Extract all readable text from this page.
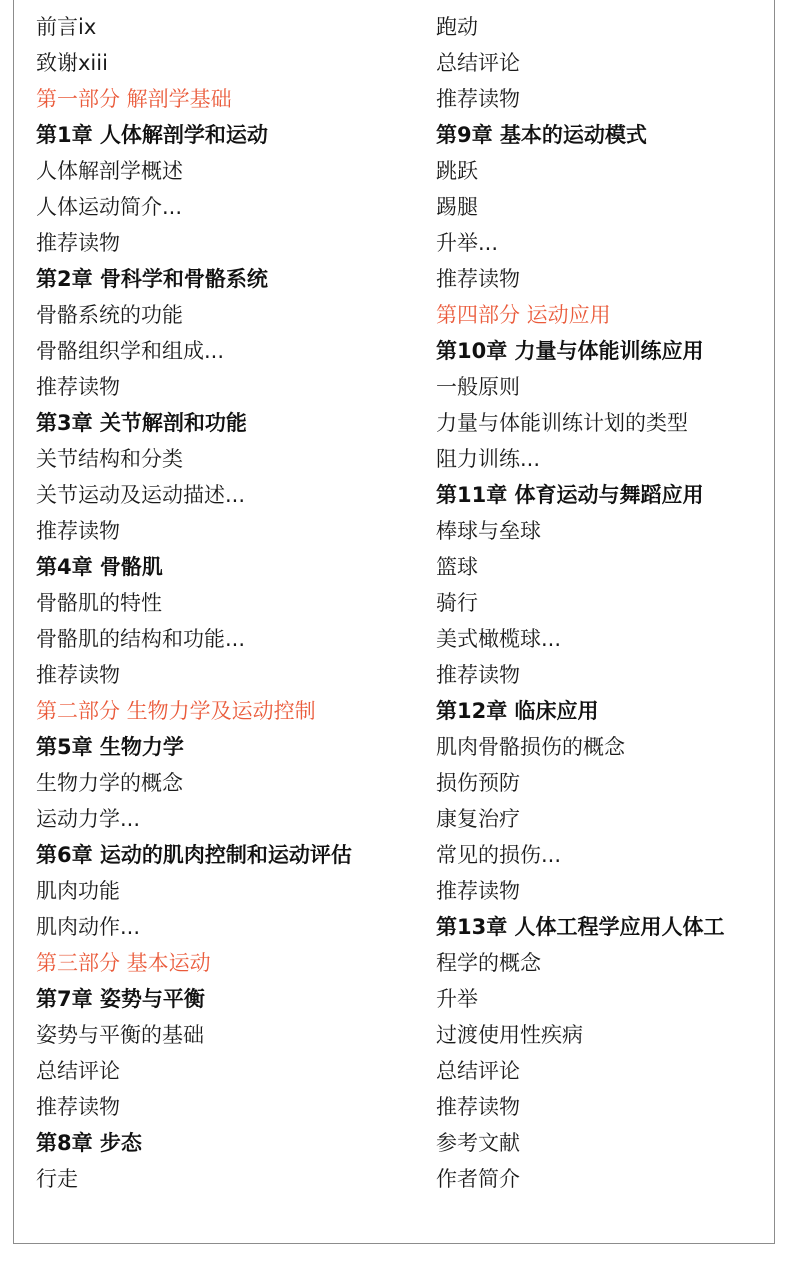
前言ix
致谢xiii
第一部分 解剖学基础
第1章 人体解剖学和运动
人体解剖学概述
人体运动简介...
推荐读物
第2章 骨科学和骨骼系统
骨骼系统的功能
骨骼组织学和组成...
推荐读物
第3章 关节解剖和功能
关节结构和分类
关节运动及运动描述...
推荐读物
第4章 骨骼肌
骨骼肌的特性
骨骼肌的结构和功能...
推荐读物
第二部分 生物力学及运动控制
第5章 生物力学
生物力学的概念
运动力学...
第6章 运动的肌肉控制和运动评估
肌肉功能
肌肉动作...
第三部分 基本运动
第7章 姿势与平衡
姿势与平衡的基础
总结评论
推荐读物
第8章 步态
行走
跑动
总结评论
推荐读物
第9章 基本的运动模式
跳跃
踢腿
升举...
推荐读物
第四部分 运动应用
第10章 力量与体能训练应用
一般原则
力量与体能训练计划的类型
阻力训练...
第11章 体育运动与舞蹈应用
棒球与垒球
篮球
骑行
美式橄榄球...
推荐读物
第12章 临床应用
肌肉骨骼损伤的概念
损伤预防
康复治疗
常见的损伤...
推荐读物
第13章 人体工程学应用人体工
程学的概念
升举
过渡使用性疾病
总结评论
推荐读物
参考文献
作者简介
